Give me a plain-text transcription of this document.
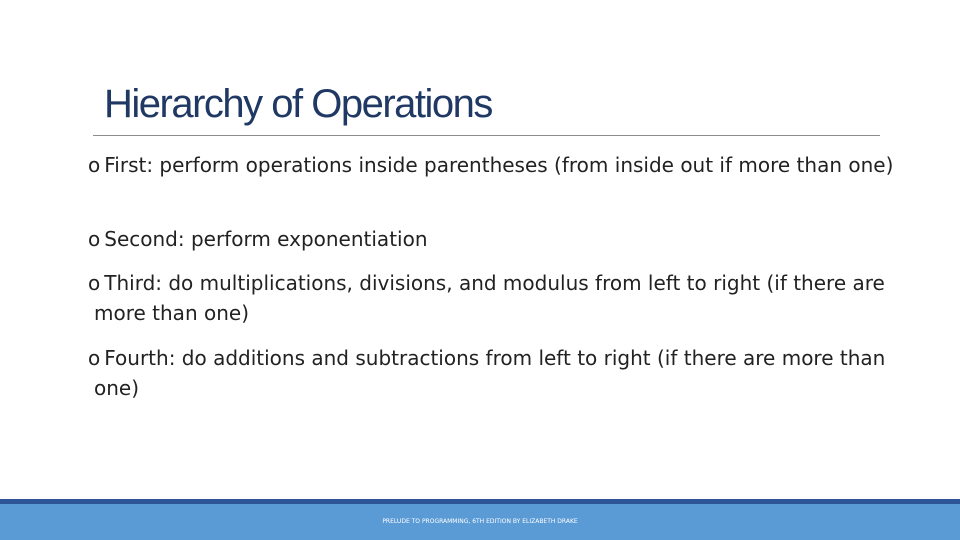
Hierarchy of Operations
o First: perform operations inside parentheses (from inside out if more than one)
o Second: perform exponentiation
o Third: do multiplications, divisions, and modulus from left to right (if there are more than one)
o Fourth: do additions and subtractions from left to right (if there are more than one)
PRELUDE TO PROGRAMMING, 6TH EDITION BY ELIZABETH DRAKE
